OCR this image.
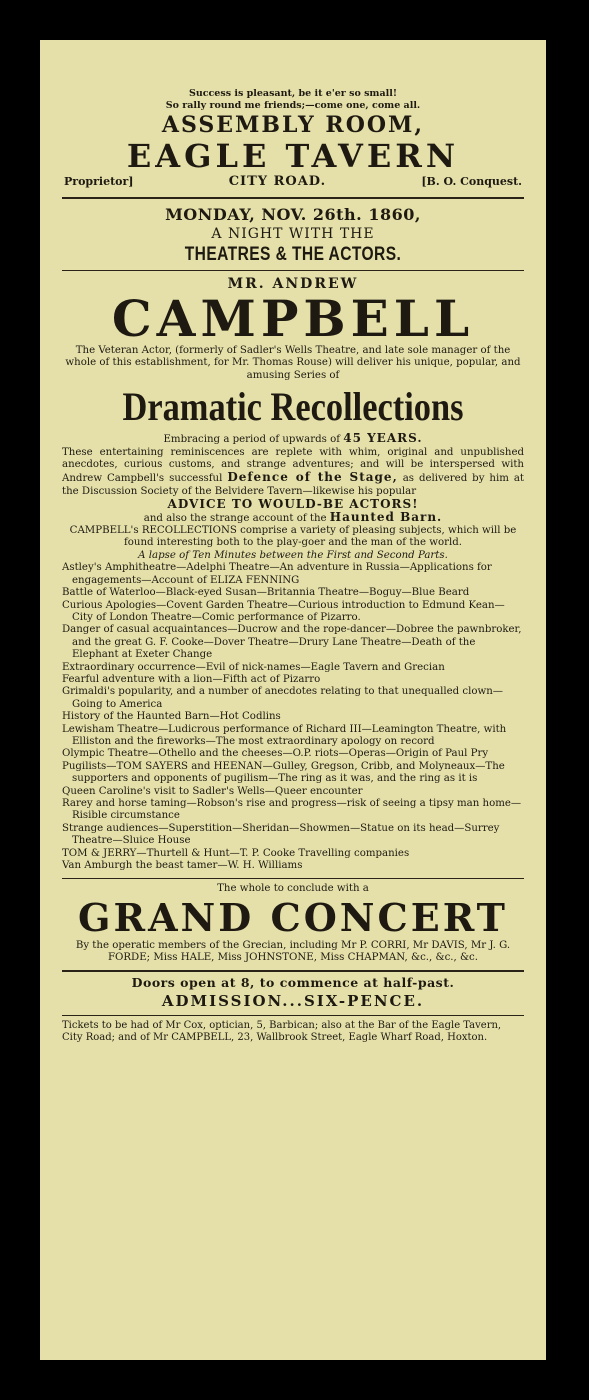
Success is pleasant, be it e'er so small!
So rally round me friends;—come one, come all.
ASSEMBLY ROOM,
EAGLE TAVERN
Proprietor]	CITY ROAD.	[B. O. Conquest.
MONDAY, NOV. 26th. 1860,
A NIGHT WITH THE
THEATRES & THE ACTORS.
MR. ANDREW
CAMPBELL
The Veteran Actor, (formerly of Sadler's Wells Theatre, and late sole manager of the whole of this establishment, for Mr. Thomas Rouse) will deliver his unique, popular, and amusing Series of
Dramatic Recollections
Embracing a period of upwards of 45 YEARS.
These entertaining reminiscences are replete with whim, original and unpublished anecdotes, curious customs, and strange adventures; and will be interspersed with Andrew Campbell's successful Defence of the Stage, as delivered by him at the Discussion Society of the Belvidere Tavern—likewise his popular
ADVICE TO WOULD-BE ACTORS!
and also the strange account of the Haunted Barn.
CAMPBELL's RECOLLECTIONS comprise a variety of pleasing subjects, which will be found interesting both to the play-goer and the man of the world.
A lapse of Ten Minutes between the First and Second Parts.
Astley's Amphitheatre—Adelphi Theatre—An adventure in Russia—Applications for engagements—Account of ELIZA FENNING
Battle of Waterloo—Black-eyed Susan—Britannia Theatre—Boguy—Blue Beard
Curious Apologies—Covent Garden Theatre—Curious introduction to Edmund Kean—City of London Theatre—Comic performance of Pizarro.
Danger of casual acquaintances—Ducrow and the rope-dancer—Dobree the pawnbroker, and the great G. F. Cooke—Dover Theatre—Drury Lane Theatre—Death of the Elephant at Exeter Change
Extraordinary occurrence—Evil of nick-names—Eagle Tavern and Grecian
Fearful adventure with a lion—Fifth act of Pizarro
Grimaldi's popularity, and a number of anecdotes relating to that unequalled clown—Going to America
History of the Haunted Barn—Hot Codlins
Lewisham Theatre—Ludicrous performance of Richard III—Leamington Theatre, with Elliston and the fireworks—The most extraordinary apology on record
Olympic Theatre—Othello and the cheeses—O.P. riots—Operas—Origin of Paul Pry
Pugilists—TOM SAYERS and HEENAN—Gulley, Gregson, Cribb, and Molyneaux—The supporters and opponents of pugilism—The ring as it was, and the ring as it is
Queen Caroline's visit to Sadler's Wells—Queer encounter
Rarey and horse taming—Robson's rise and progress—risk of seeing a tipsy man home—Risible circumstance
Strange audiences—Superstition—Sheridan—Showmen—Statue on its head—Surrey Theatre—Sluice House
TOM & JERRY—Thurtell & Hunt—T. P. Cooke Travelling companies
Van Amburgh the beast tamer—W. H. Williams
The whole to conclude with a
GRAND CONCERT
By the operatic members of the Grecian, including Mr P. CORRI, Mr DAVIS, Mr J. G. FORDE; Miss HALE, Miss JOHNSTONE, Miss CHAPMAN, &c., &c., &c.
Doors open at 8, to commence at half-past.
ADMISSION...SIX-PENCE.
Tickets to be had of Mr Cox, optician, 5, Barbican; also at the Bar of the Eagle Tavern, City Road; and of Mr CAMPBELL, 23, Wallbrook Street, Eagle Wharf Road, Hoxton.
